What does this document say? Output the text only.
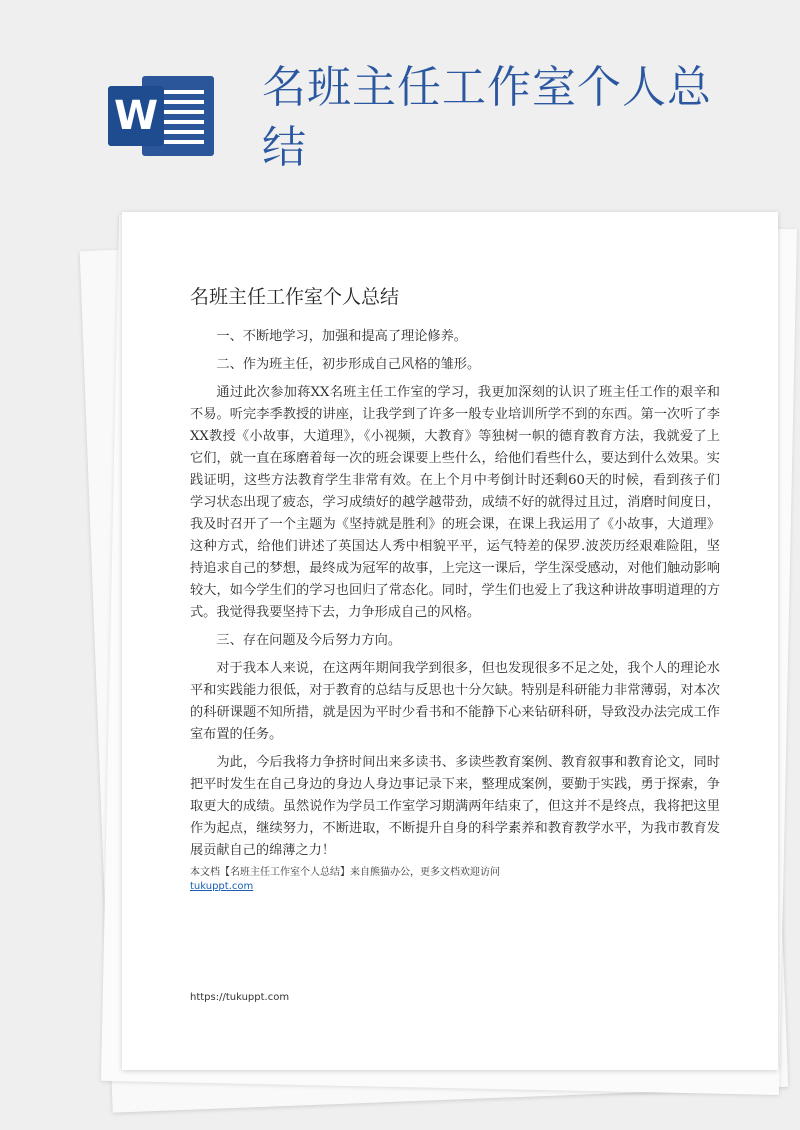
W
名班主任工作室个人总结
名班主任工作室个人总结

一、不断地学习，加强和提高了理论修养。

二、作为班主任，初步形成自己风格的雏形。

通过此次参加蒋XX名班主任工作室的学习，我更加深刻的认识了班主任工作的艰辛和不易。听完李季教授的讲座，让我学到了许多一般专业培训所学不到的东西。第一次听了李XX教授《小故事，大道理》，《小视频，大教育》等独树一帜的德育教育方法，我就爱了上它们，就一直在琢磨着每一次的班会课要上些什么，给他们看些什么，要达到什么效果。实践证明，这些方法教育学生非常有效。在上个月中考倒计时还剩60天的时候，看到孩子们学习状态出现了疲态，学习成绩好的越学越带劲，成绩不好的就得过且过，消磨时间度日，我及时召开了一个主题为《坚持就是胜利》的班会课，在课上我运用了《小故事，大道理》这种方式，给他们讲述了英国达人秀中相貌平平，运气特差的保罗.波茨历经艰难险阻，坚持追求自己的梦想，最终成为冠军的故事，上完这一课后，学生深受感动，对他们触动影响较大，如今学生们的学习也回归了常态化。同时，学生们也爱上了我这种讲故事明道理的方式。我觉得我要坚持下去，力争形成自己的风格。

三、存在问题及今后努力方向。

对于我本人来说，在这两年期间我学到很多，但也发现很多不足之处，我个人的理论水平和实践能力很低，对于教育的总结与反思也十分欠缺。特别是科研能力非常薄弱，对本次的科研课题不知所措，就是因为平时少看书和不能静下心来钻研科研，导致没办法完成工作室布置的任务。

为此，今后我将力争挤时间出来多读书、多读些教育案例、教育叙事和教育论文，同时把平时发生在自己身边的身边人身边事记录下来，整理成案例，要勤于实践，勇于探索，争取更大的成绩。虽然说作为学员工作室学习期满两年结束了，但这并不是终点，我将把这里作为起点，继续努力，不断进取，不断提升自身的科学素养和教育教学水平，为我市教育发展贡献自己的绵薄之力！

本文档【名班主任工作室个人总结】来自熊猫办公，更多文档欢迎访问
tukuppt.com
https://tukuppt.com
